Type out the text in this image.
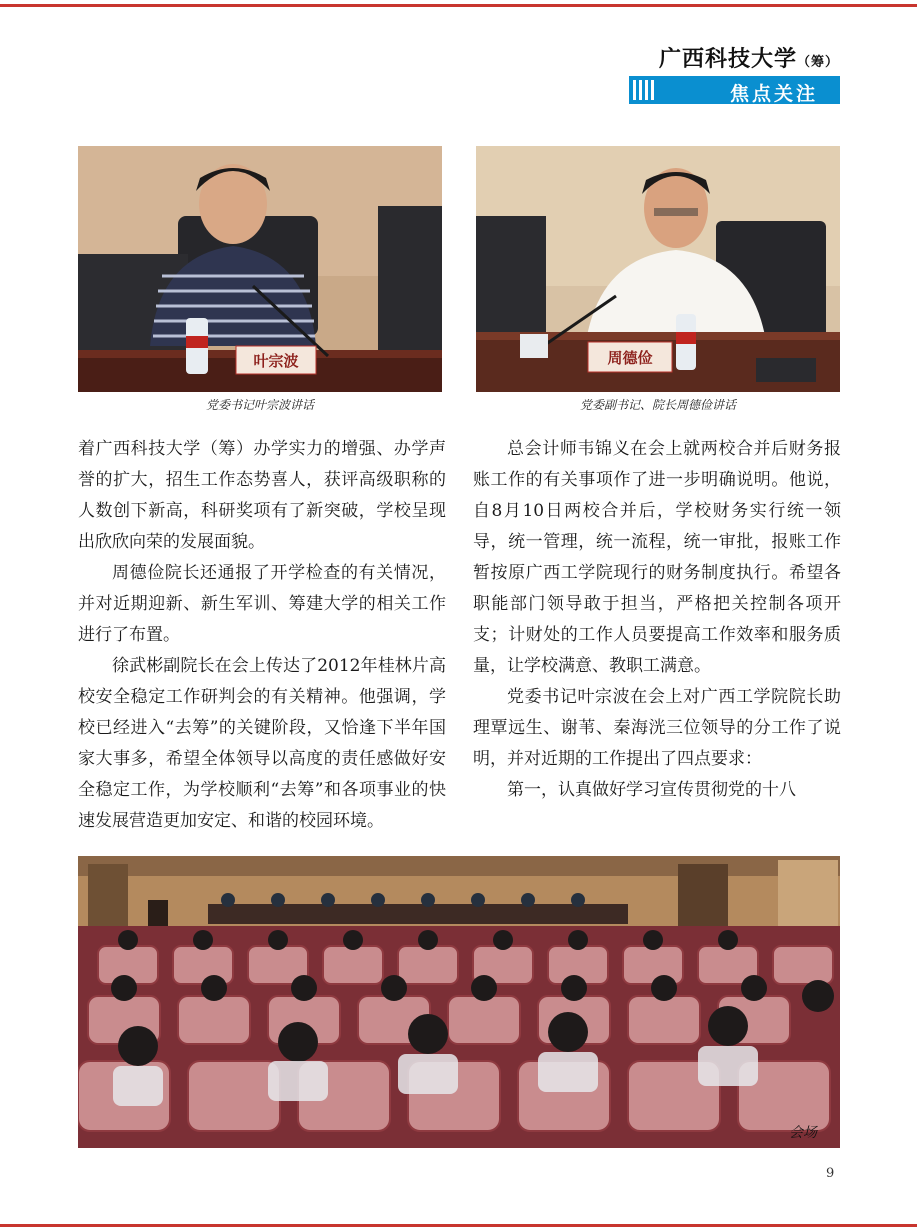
广西科技大学（筹）
焦点关注
叶宗波
党委书记叶宗波讲话
周德俭
党委副书记、院长周德俭讲话

着广西科技大学（筹）办学实力的增强、办学声誉的扩大，招生工作态势喜人，获评高级职称的人数创下新高，科研奖项有了新突破，学校呈现出欣欣向荣的发展面貌。

周德俭院长还通报了开学检查的有关情况，并对近期迎新、新生军训、筹建大学的相关工作进行了布置。

徐武彬副院长在会上传达了2012年桂林片高校安全稳定工作研判会的有关精神。他强调，学校已经进入“去筹”的关键阶段，又恰逢下半年国家大事多，希望全体领导以高度的责任感做好安全稳定工作，为学校顺利“去筹”和各项事业的快速发展营造更加安定、和谐的校园环境。

总会计师韦锦义在会上就两校合并后财务报账工作的有关事项作了进一步明确说明。他说，自8月10日两校合并后，学校财务实行统一领导，统一管理，统一流程，统一审批，报账工作暂按原广西工学院现行的财务制度执行。希望各职能部门领导敢于担当，严格把关控制各项开支；计财处的工作人员要提高工作效率和服务质量，让学校满意、教职工满意。

党委书记叶宗波在会上对广西工学院院长助理覃远生、谢苇、秦海洸三位领导的分工作了说明，并对近期的工作提出了四点要求：

第一，认真做好学习宣传贯彻党的十八

会场
9
